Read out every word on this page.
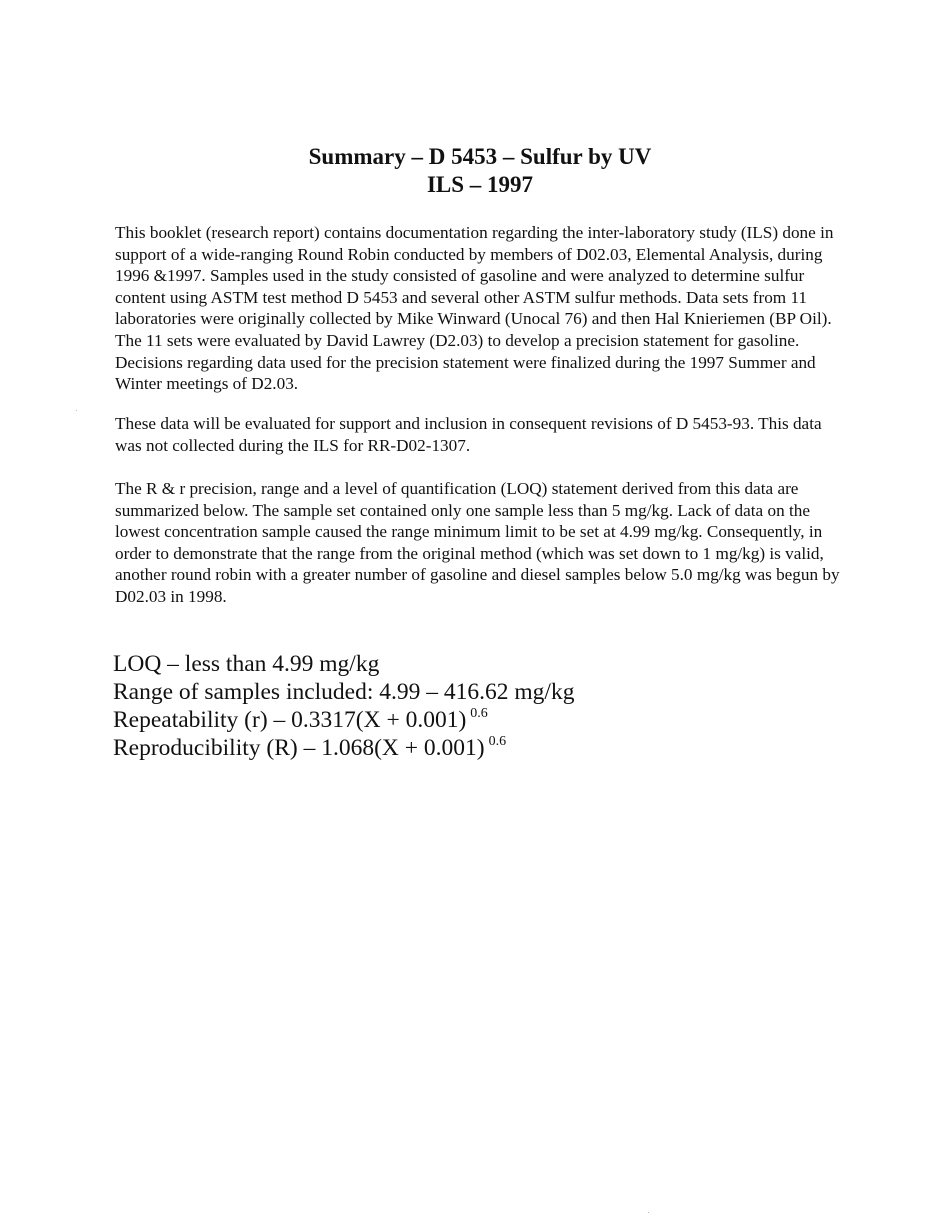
Summary – D 5453 – Sulfur by UV
ILS – 1997

This booklet (research report) contains documentation regarding the inter-laboratory study (ILS) done in support of a wide-ranging Round Robin conducted by members of D02.03, Elemental Analysis, during 1996 &1997. Samples used in the study consisted of gasoline and were analyzed to determine sulfur content using ASTM test method D 5453 and several other ASTM sulfur methods. Data sets from 11 laboratories were originally collected by Mike Winward (Unocal 76) and then Hal Knieriemen (BP Oil). The 11 sets were evaluated by David Lawrey (D2.03) to develop a precision statement for gasoline. Decisions regarding data used for the precision statement were finalized during the 1997 Summer and Winter meetings of D2.03.

These data will be evaluated for support and inclusion in consequent revisions of D 5453-93. This data was not collected during the ILS for RR-D02-1307.

The R & r precision, range and a level of quantification (LOQ) statement derived from this data are summarized below. The sample set contained only one sample less than 5 mg/kg. Lack of data on the lowest concentration sample caused the range minimum limit to be set at 4.99 mg/kg. Consequently, in order to demonstrate that the range from the original method (which was set down to 1 mg/kg) is valid, another round robin with a greater number of gasoline and diesel samples below 5.0 mg/kg was begun by D02.03 in 1998.

LOQ – less than 4.99 mg/kg
Range of samples included: 4.99 – 416.62 mg/kg
Repeatability (r) – 0.3317(X + 0.001) $^{0.6}$
Reproducibility (R) – 1.068(X + 0.001) $^{0.6}$
